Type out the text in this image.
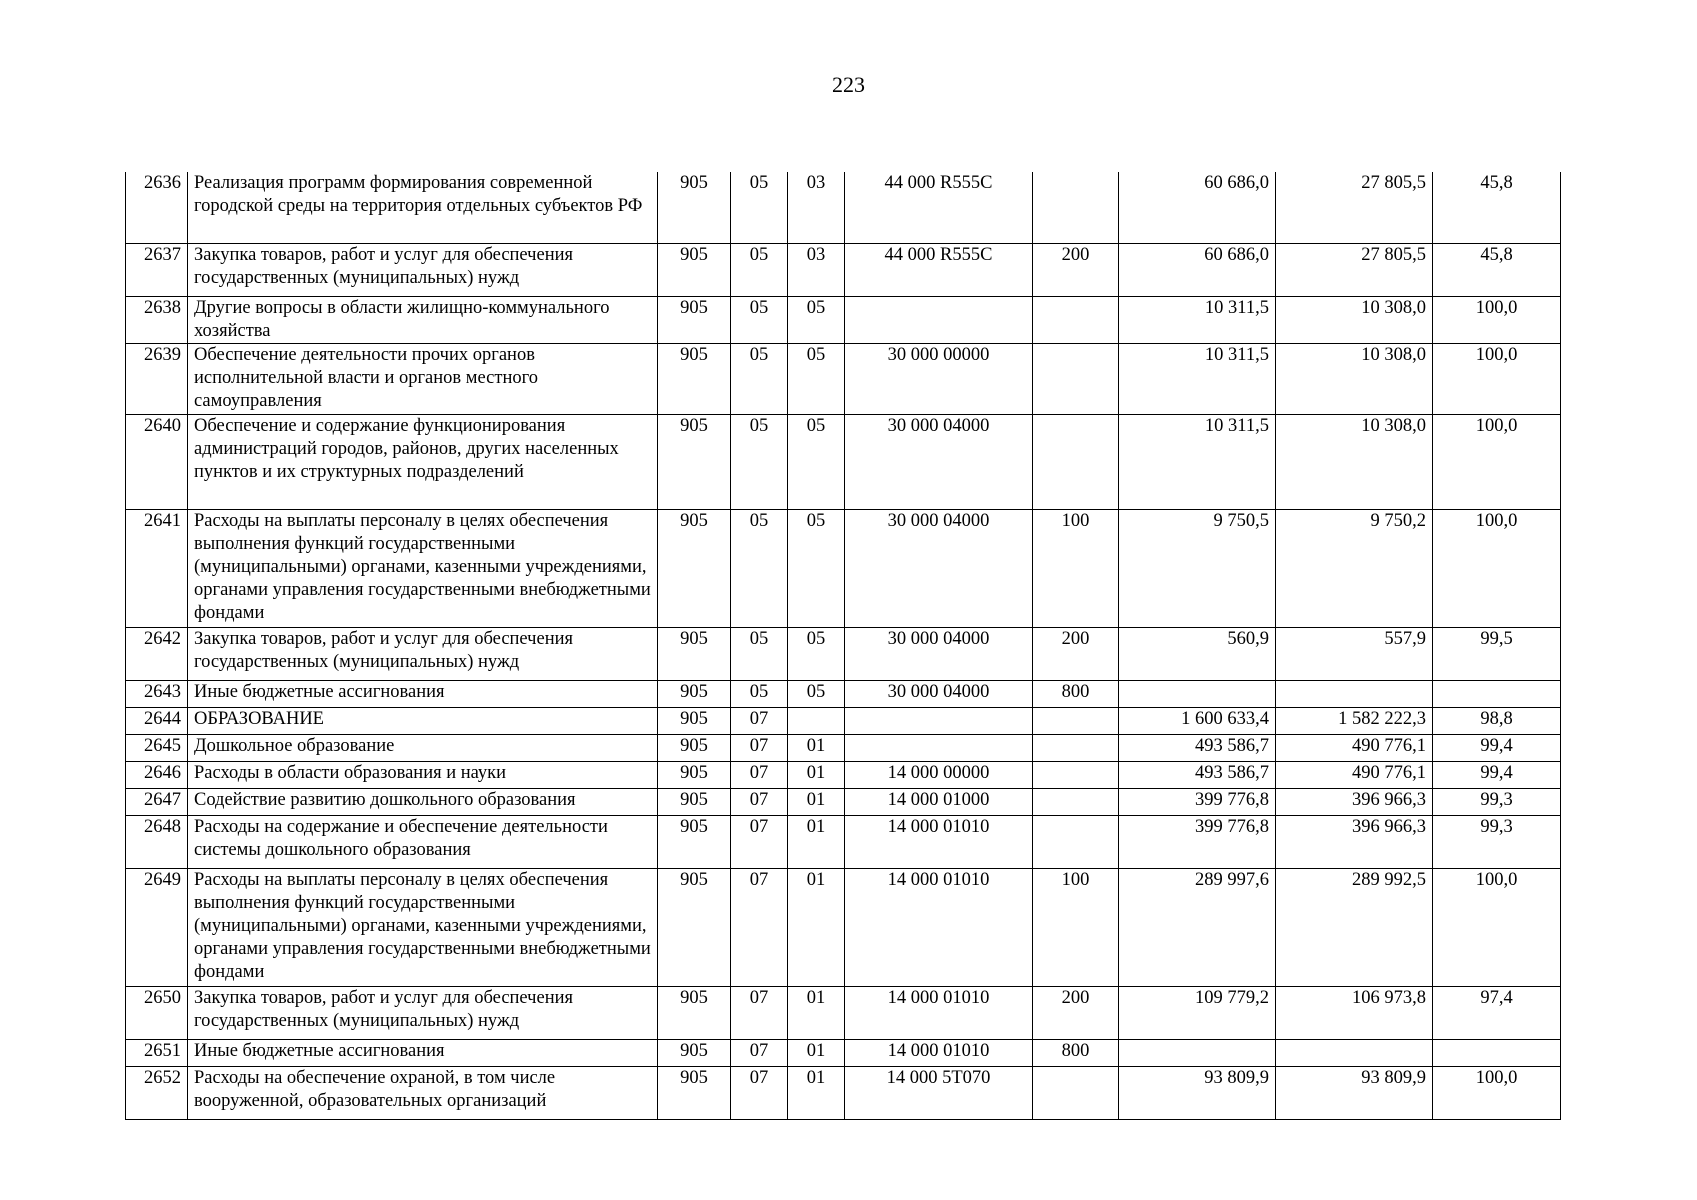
223
2636	Реализация программ формирования современной городской среды на территория отдельных субъектов РФ	905	05	03	44 000 R555C		60 686,0	27 805,5	45,8
2637	Закупка товаров, работ и услуг для обеспечения государственных (муниципальных) нужд	905	05	03	44 000 R555C	200	60 686,0	27 805,5	45,8
2638	Другие вопросы в области жилищно-коммунального хозяйства	905	05	05			10 311,5	10 308,0	100,0
2639	Обеспечение деятельности прочих органов исполнительной власти и органов местного самоуправления	905	05	05	30 000 00000		10 311,5	10 308,0	100,0
2640	Обеспечение и содержание функционирования администраций городов, районов, других населенных пунктов и их структурных подразделений	905	05	05	30 000 04000		10 311,5	10 308,0	100,0
2641	Расходы на выплаты персоналу в целях обеспечения выполнения функций государственными (муниципальными) органами, казенными учреждениями, органами управления государственными внебюджетными фондами	905	05	05	30 000 04000	100	9 750,5	9 750,2	100,0
2642	Закупка товаров, работ и услуг для обеспечения государственных (муниципальных) нужд	905	05	05	30 000 04000	200	560,9	557,9	99,5
2643	Иные бюджетные ассигнования	905	05	05	30 000 04000	800			
2644	ОБРАЗОВАНИЕ	905	07				1 600 633,4	1 582 222,3	98,8
2645	Дошкольное образование	905	07	01			493 586,7	490 776,1	99,4
2646	Расходы в области образования и науки	905	07	01	14 000 00000		493 586,7	490 776,1	99,4
2647	Содействие развитию дошкольного образования	905	07	01	14 000 01000		399 776,8	396 966,3	99,3
2648	Расходы на содержание и обеспечение деятельности системы дошкольного образования	905	07	01	14 000 01010		399 776,8	396 966,3	99,3
2649	Расходы на выплаты персоналу в целях обеспечения выполнения функций государственными (муниципальными) органами, казенными учреждениями, органами управления государственными внебюджетными фондами	905	07	01	14 000 01010	100	289 997,6	289 992,5	100,0
2650	Закупка товаров, работ и услуг для обеспечения государственных (муниципальных) нужд	905	07	01	14 000 01010	200	109 779,2	106 973,8	97,4
2651	Иные бюджетные ассигнования	905	07	01	14 000 01010	800			
2652	Расходы на обеспечение охраной, в том числе вооруженной, образовательных организаций	905	07	01	14 000 5T070		93 809,9	93 809,9	100,0
